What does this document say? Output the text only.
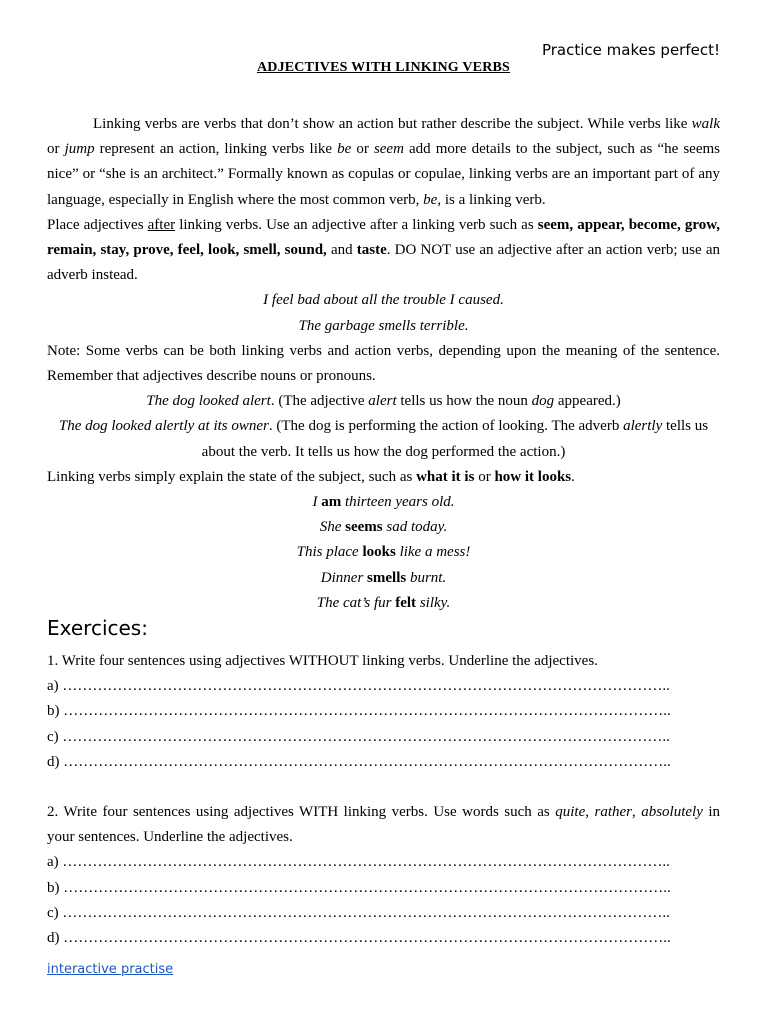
Practice makes perfect!
ADJECTIVES WITH LINKING VERBS

Linking verbs are verbs that don’t show an action but rather describe the subject. While verbs like walk or jump represent an action, linking verbs like be or seem add more details to the subject, such as “he seems nice” or “she is an architect.” Formally known as copulas or copulae, linking verbs are an important part of any language, especially in English where the most common verb, be, is a linking verb.

Place adjectives after linking verbs. Use an adjective after a linking verb such as seem, appear, become, grow, remain, stay, prove, feel, look, smell, sound, and taste. DO NOT use an adjective after an action verb; use an adverb instead.

I feel bad about all the trouble I caused.

The garbage smells terrible.

Note: Some verbs can be both linking verbs and action verbs, depending upon the meaning of the sentence. Remember that adjectives describe nouns or pronouns.

The dog looked alert. (The adjective alert tells us how the noun dog appeared.)

The dog looked alertly at its owner. (The dog is performing the action of looking. The adverb alertly tells us about the verb. It tells us how the dog performed the action.)

Linking verbs simply explain the state of the subject, such as what it is or how it looks.

I am thirteen years old.

She seems sad today.

This place looks like a mess!

Dinner smells burnt.

The cat’s fur felt silky.

Exercices:
1. Write four sentences using adjectives WITHOUT linking verbs. Underline the adjectives.
a) …………………………………………………………………………………………………………..
b) …………………………………………………………………………………………………………..
c) …………………………………………………………………………………………………………..
d) …………………………………………………………………………………………………………..
2. Write four sentences using adjectives WITH linking verbs. Use words such as quite, rather, absolutely in your sentences. Underline the adjectives.
a) …………………………………………………………………………………………………………..
b) …………………………………………………………………………………………………………..
c) …………………………………………………………………………………………………………..
d) …………………………………………………………………………………………………………..
interactive practise
